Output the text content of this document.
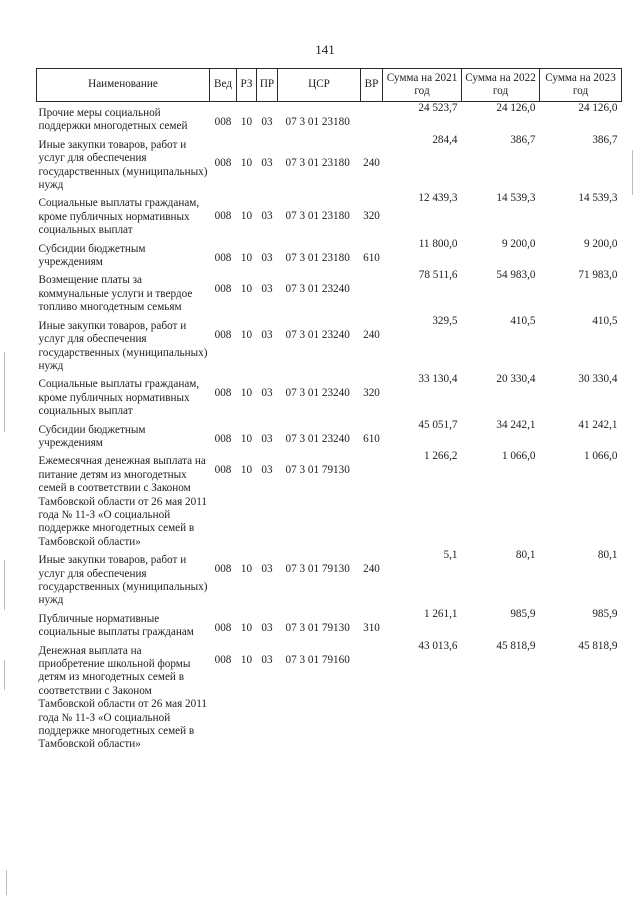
141
Наименование	Вед	РЗ	ПР	ЦСР	ВР	Сумма на 2021 год	Сумма на 2022 год	Сумма на 2023 год
Прочие меры социальной поддержки многодетных семей	008	10	03	07 3 01 23180		24 523,7	24 126,0	24 126,0
Иные закупки товаров, работ и услуг для обеспечения государственных (муниципальных) нужд	008	10	03	07 3 01 23180	240	284,4	386,7	386,7
Социальные выплаты гражданам, кроме публичных нормативных социальных выплат	008	10	03	07 3 01 23180	320	12 439,3	14 539,3	14 539,3
Субсидии бюджетным учреждениям	008	10	03	07 3 01 23180	610	11 800,0	9 200,0	9 200,0
Возмещение платы за коммунальные услуги и твердое топливо многодетным семьям	008	10	03	07 3 01 23240		78 511,6	54 983,0	71 983,0
Иные закупки товаров, работ и услуг для обеспечения государственных (муниципальных) нужд	008	10	03	07 3 01 23240	240	329,5	410,5	410,5
Социальные выплаты гражданам, кроме публичных нормативных социальных выплат	008	10	03	07 3 01 23240	320	33 130,4	20 330,4	30 330,4
Субсидии бюджетным учреждениям	008	10	03	07 3 01 23240	610	45 051,7	34 242,1	41 242,1
Ежемесячная денежная выплата на питание детям из многодетных семей в соответствии с Законом Тамбовской области от 26 мая 2011 года № 11-З «О социальной поддержке многодетных семей в Тамбовской области»	008	10	03	07 3 01 79130		1 266,2	1 066,0	1 066,0
Иные закупки товаров, работ и услуг для обеспечения государственных (муниципальных) нужд	008	10	03	07 3 01 79130	240	5,1	80,1	80,1
Публичные нормативные социальные выплаты гражданам	008	10	03	07 3 01 79130	310	1 261,1	985,9	985,9
Денежная выплата на приобретение школьной формы детям из многодетных семей в соответствии с Законом Тамбовской области от 26 мая 2011 года № 11-З «О социальной поддержке многодетных семей в Тамбовской области»	008	10	03	07 3 01 79160		43 013,6	45 818,9	45 818,9
